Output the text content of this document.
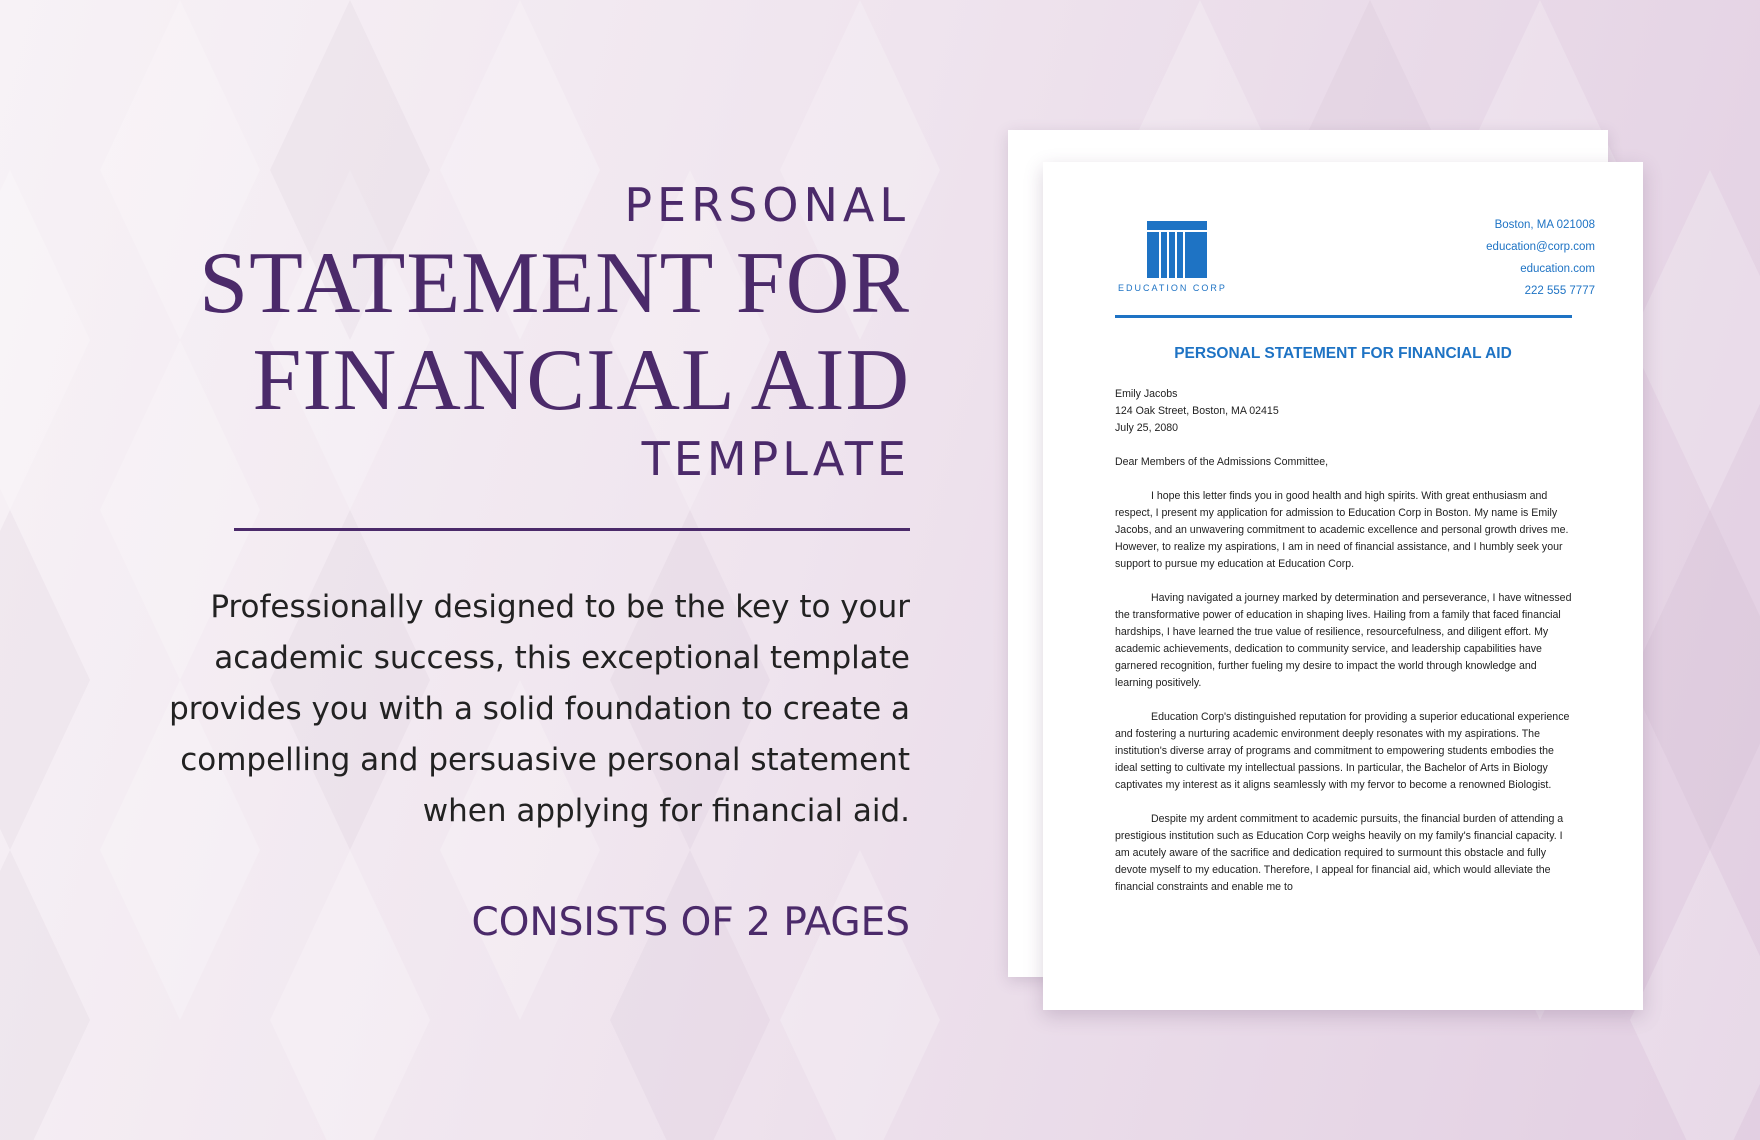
PERSONAL
STATEMENT FOR
FINANCIAL AID
TEMPLATE
Professionally designed to be the key to your academic success, this exceptional template provides you with a solid foundation to create a compelling and persuasive personal statement when applying for financial aid.
CONSISTS OF 2 PAGES
EDUCATION CORP
Boston, MA 021008
education@corp.com
education.com
222 555 7777
PERSONAL STATEMENT FOR FINANCIAL AID

Emily Jacobs

124 Oak Street, Boston, MA 02415

July 25, 2080

Dear Members of the Admissions Committee,

I hope this letter finds you in good health and high spirits. With great enthusiasm and respect, I present my application for admission to Education Corp in Boston. My name is Emily Jacobs, and an unwavering commitment to academic excellence and personal growth drives me. However, to realize my aspirations, I am in need of financial assistance, and I humbly seek your support to pursue my education at Education Corp.

Having navigated a journey marked by determination and perseverance, I have witnessed the transformative power of education in shaping lives. Hailing from a family that faced financial hardships, I have learned the true value of resilience, resourcefulness, and diligent effort. My academic achievements, dedication to community service, and leadership capabilities have garnered recognition, further fueling my desire to impact the world through knowledge and learning positively.

Education Corp's distinguished reputation for providing a superior educational experience and fostering a nurturing academic environment deeply resonates with my aspirations. The institution's diverse array of programs and commitment to empowering students embodies the ideal setting to cultivate my intellectual passions. In particular, the Bachelor of Arts in Biology captivates my interest as it aligns seamlessly with my fervor to become a renowned Biologist.

Despite my ardent commitment to academic pursuits, the financial burden of attending a prestigious institution such as Education Corp weighs heavily on my family's financial capacity. I am acutely aware of the sacrifice and dedication required to surmount this obstacle and fully devote myself to my education. Therefore, I appeal for financial aid, which would alleviate the financial constraints and enable me to
